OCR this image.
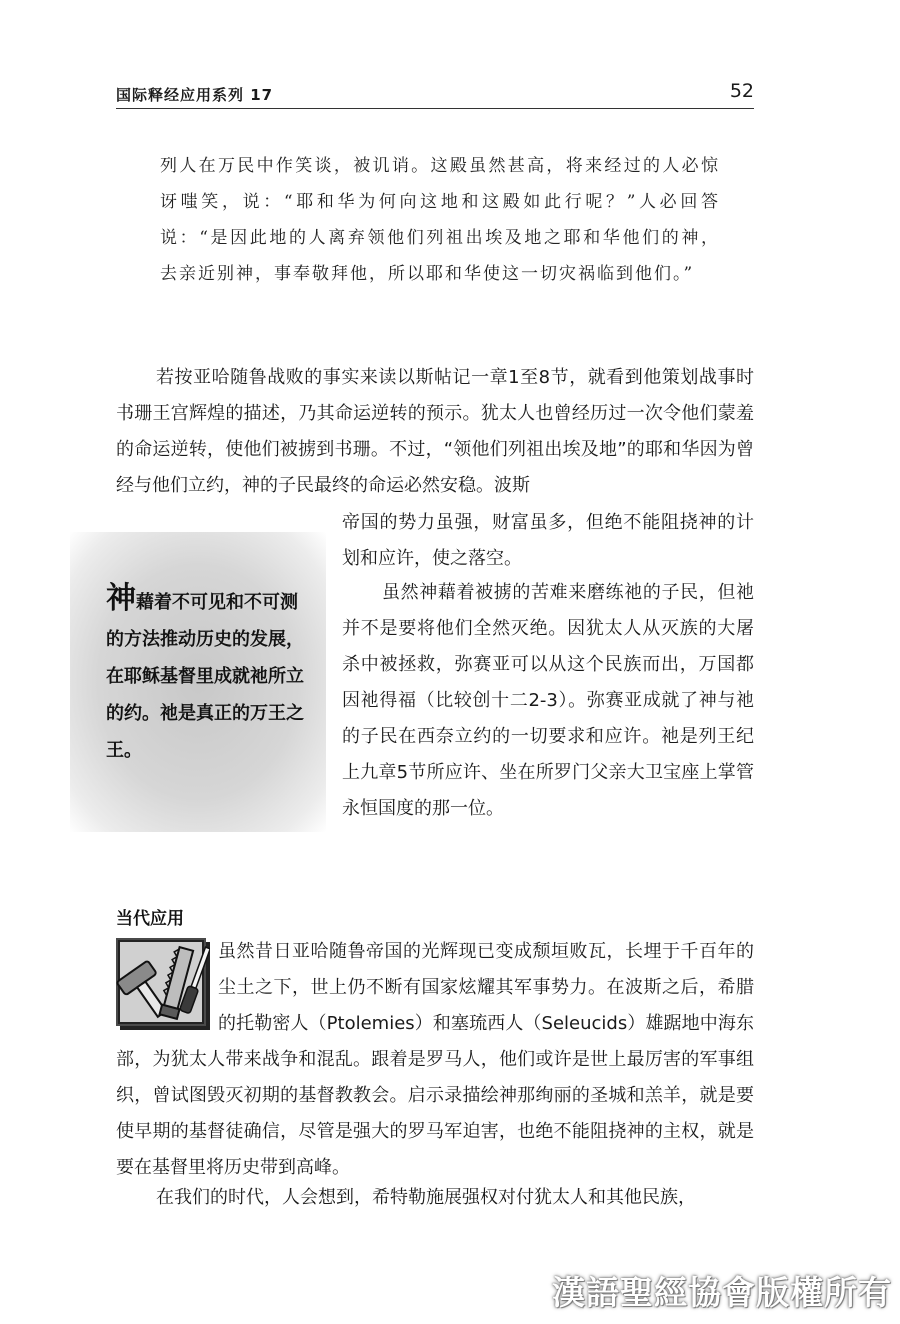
国际释经应用系列 17	52
列人在万民中作笑谈，被讥诮。这殿虽然甚高，将来经过的人必惊讶嗤笑，说：“耶和华为何向这地和这殿如此行呢？”人必回答说：“是因此地的人离弃领他们列祖出埃及地之耶和华他们的神，去亲近别神，事奉敬拜他，所以耶和华使这一切灾祸临到他们。”

若按亚哈随鲁战败的事实来读以斯帖记一章1至8节，就看到他策划战事时书珊王宫辉煌的描述，乃其命运逆转的预示。犹太人也曾经历过一次令他们蒙羞的命运逆转，使他们被掳到书珊。不过，“领他们列祖出埃及地”的耶和华因为曾经与他们立约，神的子民最终的命运必然安稳。波斯

帝国的势力虽强，财富虽多，但绝不能阻挠神的计划和应许，使之落空。

神藉着不可见和不可测的方法推动历史的发展，在耶稣基督里成就祂所立的约。祂是真正的万王之王。

虽然神藉着被掳的苦难来磨练祂的子民，但祂并不是要将他们全然灭绝。因犹太人从灭族的大屠杀中被拯救，弥赛亚可以从这个民族而出，万国都因祂得福（比较创十二2-3）。弥赛亚成就了神与祂的子民在西奈立约的一切要求和应许。祂是列王纪上九章5节所应许、坐在所罗门父亲大卫宝座上掌管永恒国度的那一位。

当代应用

虽然昔日亚哈随鲁帝国的光辉现已变成颓垣败瓦，长埋于千百年的尘土之下，世上仍不断有国家炫耀其军事势力。在波斯之后，希腊的托勒密人（Ptolemies）和塞琉西人（Seleucids）雄踞地中海东部，为犹太人带来战争和混乱。跟着是罗马人，他们或许是世上最厉害的军事组织，曾试图毁灭初期的基督教教会。启示录描绘神那绚丽的圣城和羔羊，就是要使早期的基督徒确信，尽管是强大的罗马军迫害，也绝不能阻挠神的主权，就是要在基督里将历史带到高峰。

在我们的时代，人会想到，希特勒施展强权对付犹太人和其他民族，

漢語聖經協會版權所有
